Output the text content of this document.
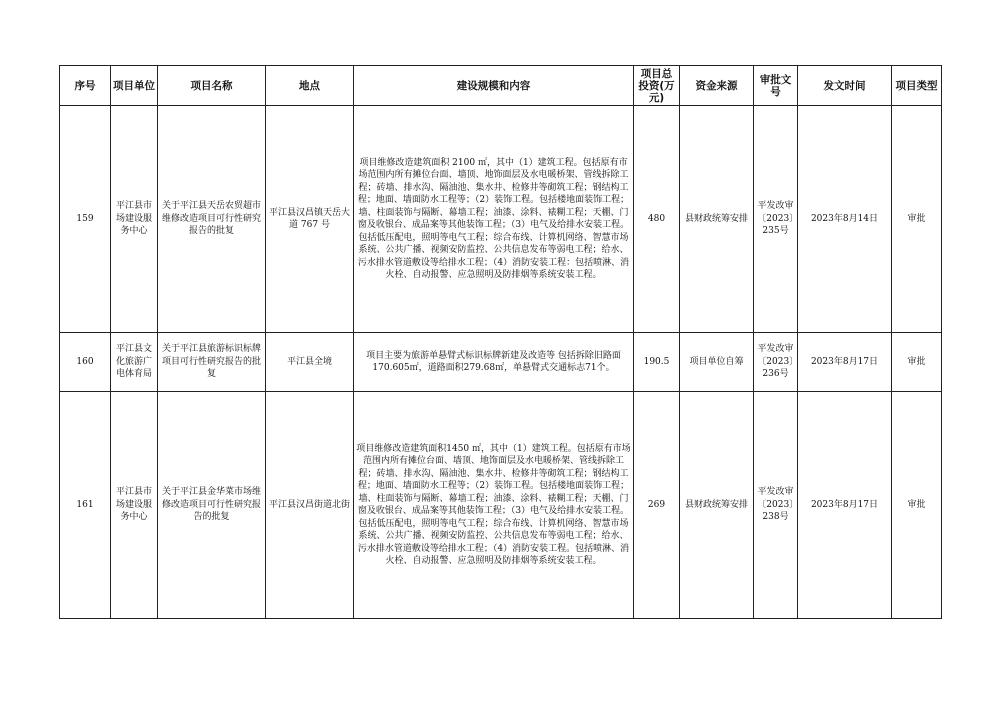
序号	项目单位	项目名称	地点	建设规模和内容	项目总投资(万元)	资金来源	审批文号	发文时间	项目类型
159	平江县市场建设服务中心	关于平江县天岳农贸超市维修改造项目可行性研究报告的批复	平江县汉昌镇天岳大道 767 号	项目维修改造建筑面积 2100 ㎡，其中（1）建筑工程。包括原有市场范围内所有摊位台面、墙顶、地饰面层及水电暖桥架、管线拆除工程；砖墙、排水沟、隔油池、集水井、检修井等砌筑工程；钢结构工程；地面、墙面防水工程等；（2）装饰工程。包括楼地面装饰工程；墙、柱面装饰与隔断、幕墙工程；油漆、涂料、裱糊工程；天棚、门窗及收银台、成品案等其他装饰工程；（3）电气及给排水安装工程。包括低压配电，照明等电气工程；综合布线、计算机网络、智慧市场系统、公共广播、视频安防监控、公共信息发布等弱电工程；给水、污水排水管道敷设等给排水工程；（4）消防安装工程：包括喷淋、消火栓、自动报警、应急照明及防排烟等系统安装工程。	480	县财政统筹安排	平发改审〔2023〕235号	2023年8月14日	审批
160	平江县文化旅游广电体育局	关于平江县旅游标识标牌项目可行性研究报告的批复	平江县全境	项目主要为旅游单悬臂式标识标牌新建及改造等 包括拆除旧路面170.605㎡，道路面积279.68㎡，单悬臂式交通标志71个。	190.5	项目单位自筹	平发改审〔2023〕236号	2023年8月17日	审批
161	平江县市场建设服务中心	关于平江县金华菜市场维修改造项目可行性研究报告的批复	平江县汉昌街道北街	项目维修改造建筑面积1450 ㎡，其中（1）建筑工程。包括原有市场范围内所有摊位台面、墙顶、地饰面层及水电暖桥架、管线拆除工程；砖墙、排水沟、隔油池、集水井、检修井等砌筑工程；钢结构工程；地面、墙面防水工程等；（2）装饰工程。包括楼地面装饰工程；墙、柱面装饰与隔断、幕墙工程；油漆、涂料、裱糊工程；天棚、门窗及收银台、成品案等其他装饰工程；（3）电气及给排水安装工程。包括低压配电，照明等电气工程；综合布线、计算机网络、智慧市场系统、公共广播、视频安防监控、公共信息发布等弱电工程；给水、污水排水管道敷设等给排水工程；（4）消防安装工程。包括喷淋、消火栓、自动报警、应急照明及防排烟等系统安装工程。	269	县财政统筹安排	平发改审〔2023〕238号	2023年8月17日	审批
